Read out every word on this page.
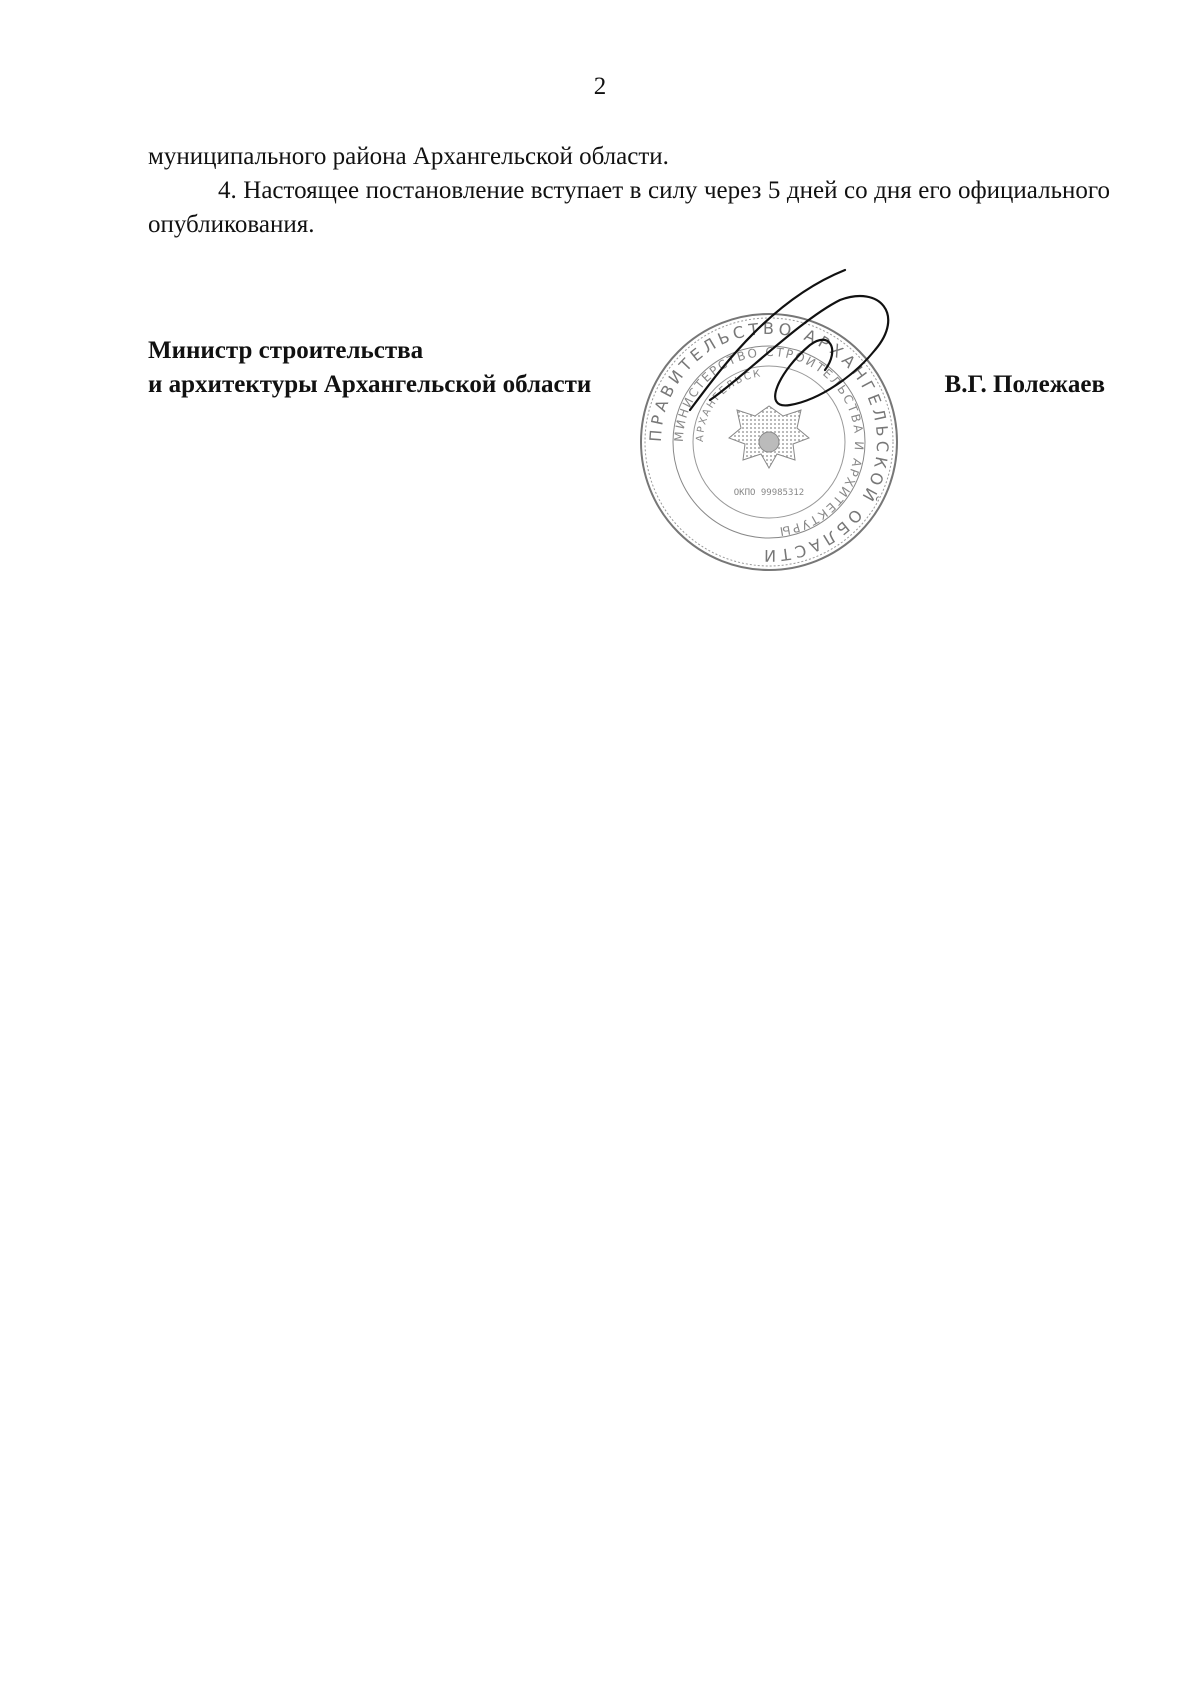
2

муниципального района Архангельской области.

4. Настоящее постановление вступает в силу через 5 дней со дня его официального опубликования.

Министр строительства
и архитектуры Архангельской области	В.Г. Полежаев
ПРАВИТЕЛЬСТВО АРХАНГЕЛЬСКОЙ ОБЛАСТИ
МИНИСТЕРСТВО СТРОИТЕЛЬСТВА И АРХИТЕКТУРЫ
АРХАНГЕЛЬСК
ОКПО 99985312
